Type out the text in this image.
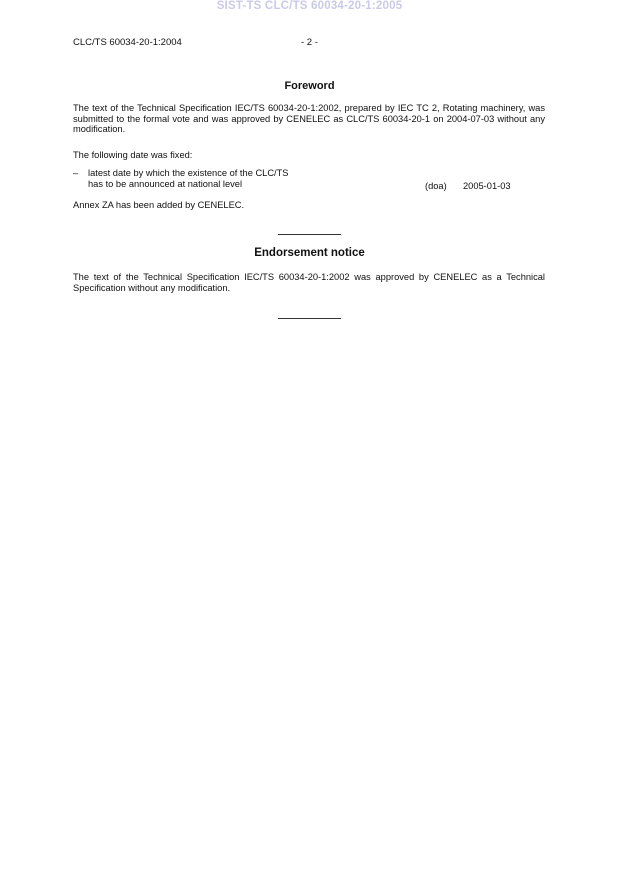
SIST-TS CLC/TS 60034-20-1:2005
CLC/TS 60034-20-1:2004	- 2 -
Foreword
The text of the Technical Specification IEC/TS 60034-20-1:2002, prepared by IEC TC 2, Rotating machinery, was submitted to the formal vote and was approved by CENELEC as CLC/TS 60034-20-1 on 2004-07-03 without any modification.
The following date was fixed:
– latest date by which the existence of the CLC/TS
has to be announced at national level	(doa) 2005-01-03
Annex ZA has been added by CENELEC.
Endorsement notice
The text of the Technical Specification IEC/TS 60034-20-1:2002 was approved by CENELEC as a Technical Specification without any modification.
